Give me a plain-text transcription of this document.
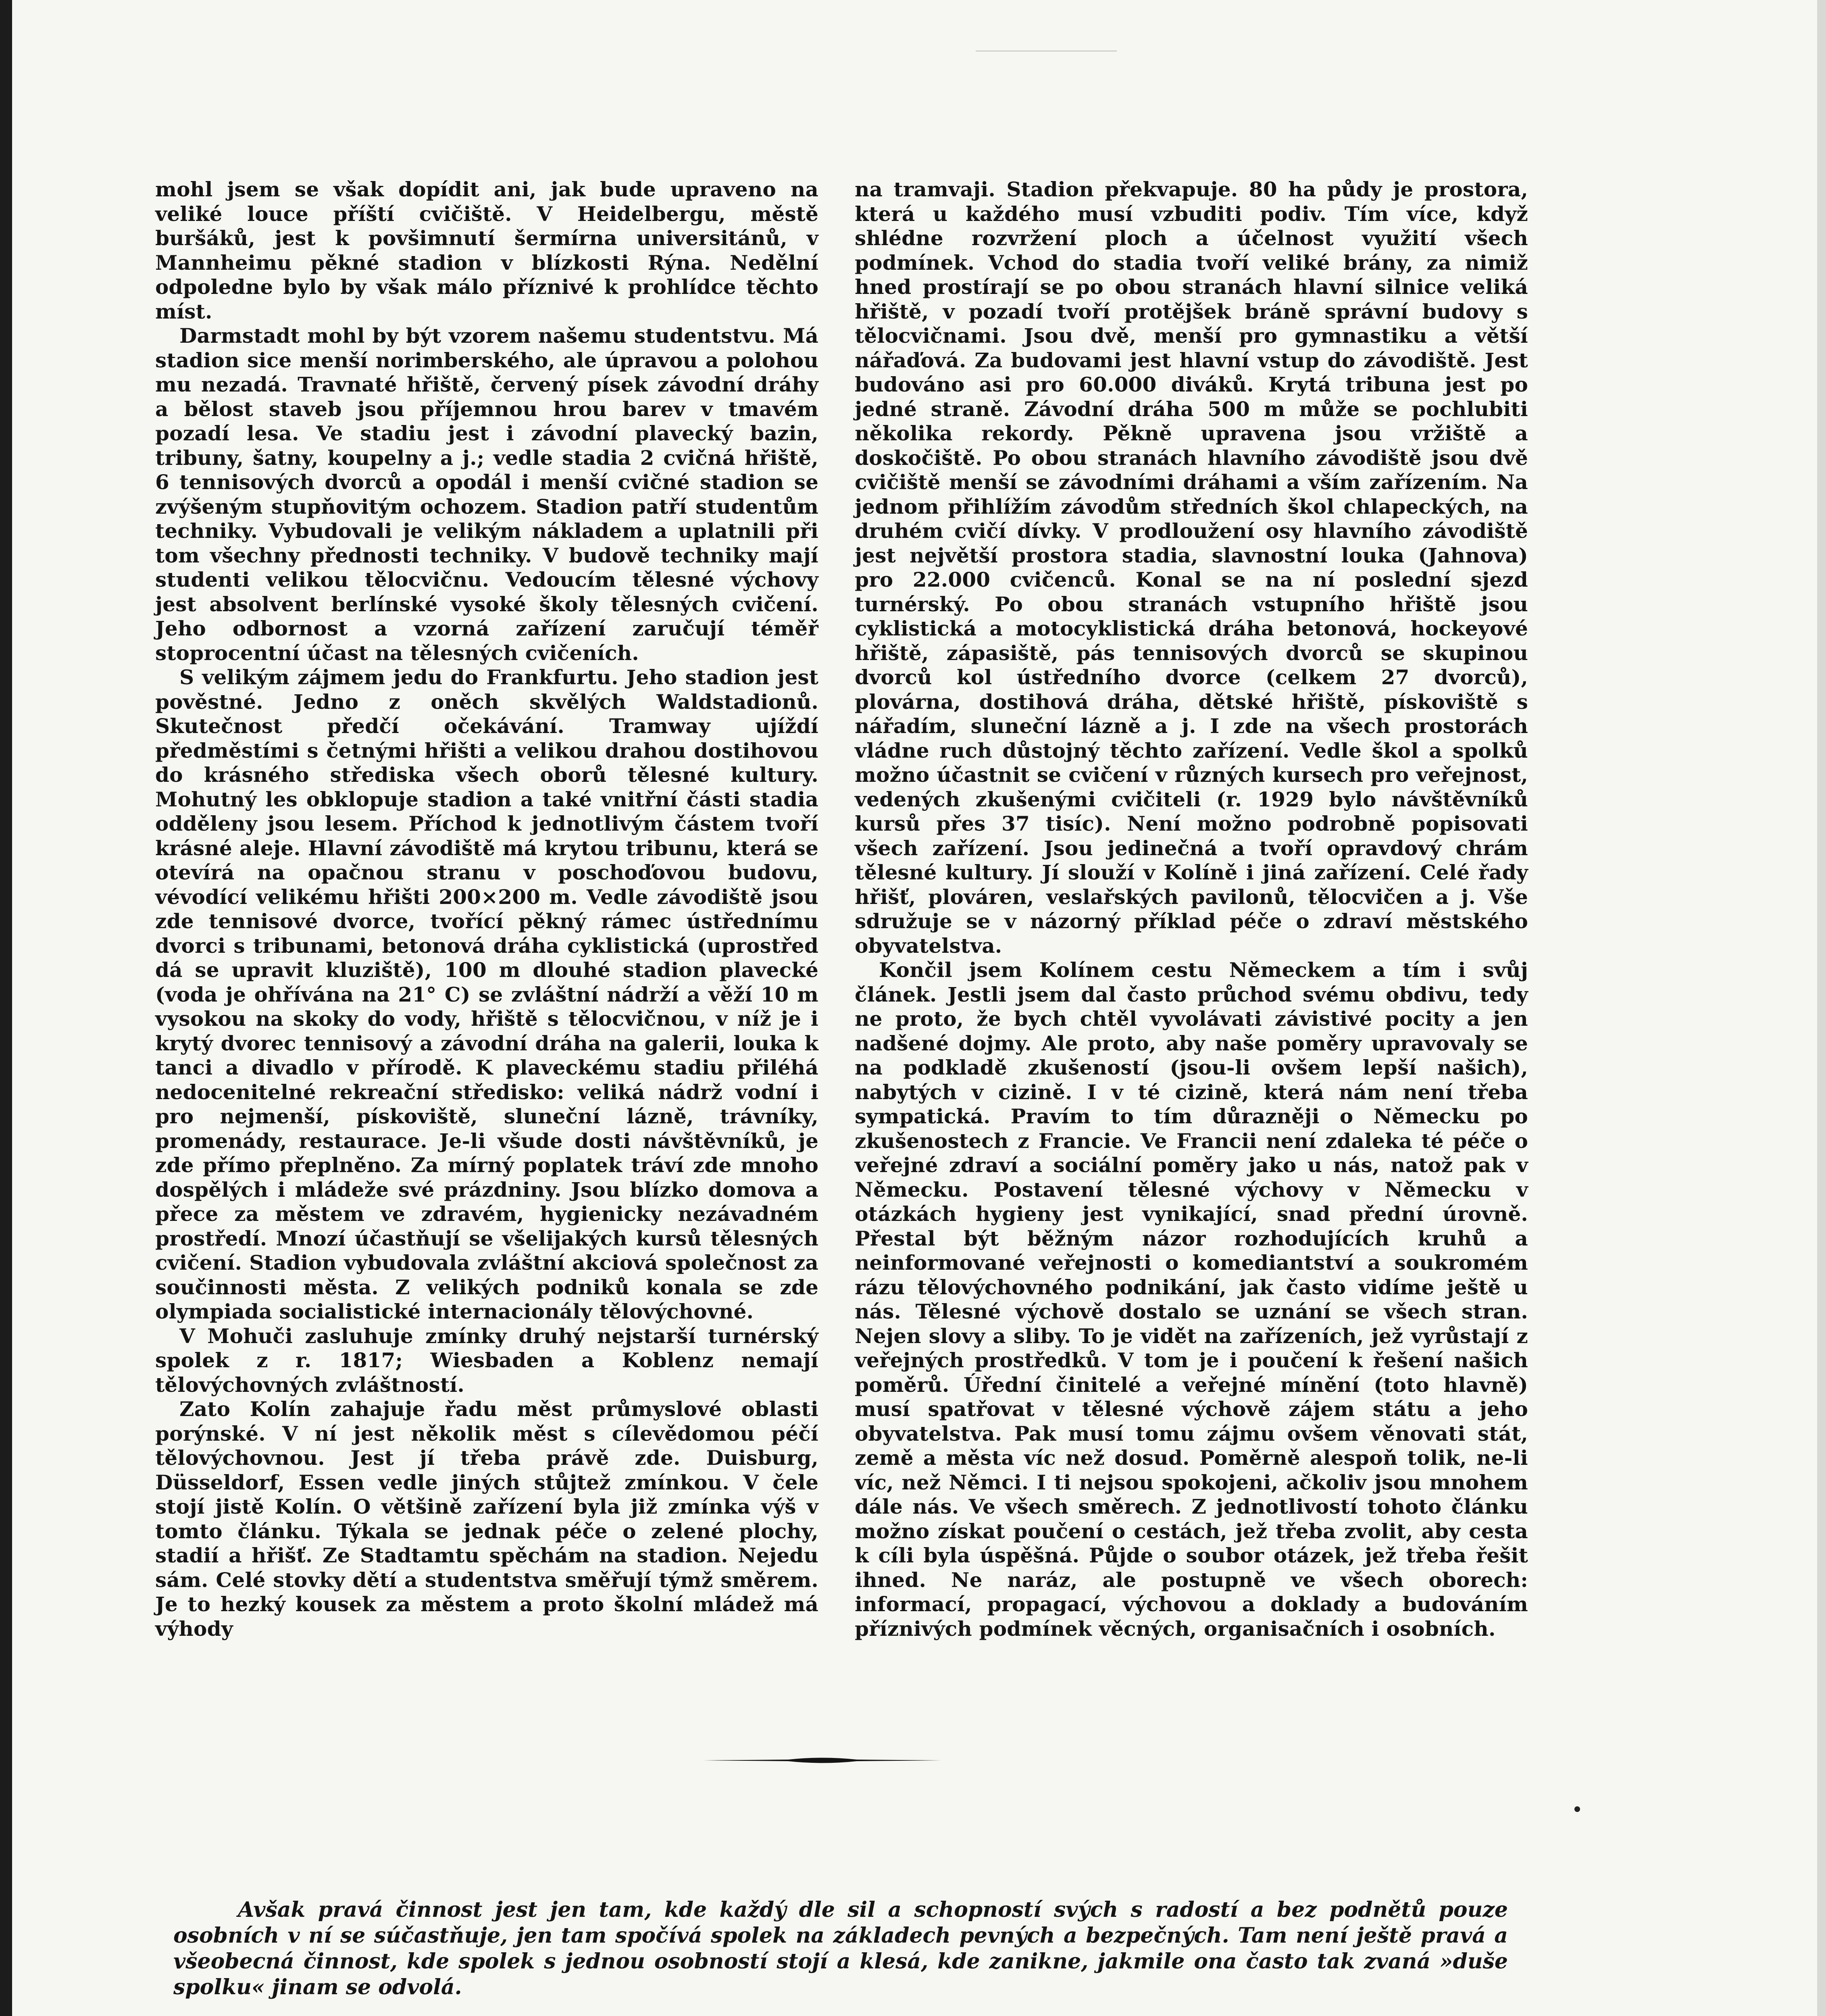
mohl jsem se však dopídit ani, jak bude upraveno na veliké louce příští cvičiště. V Heidelbergu, městě buršáků, jest k povšimnutí šermírna universitánů, v Mannheimu pěkné stadion v blízkosti Rýna. Nedělní odpoledne bylo by však málo příznivé k prohlídce těchto míst.

Darmstadt mohl by být vzorem našemu studentstvu. Má stadion sice menší norimberského, ale úpravou a polohou mu nezadá. Travnaté hřiště, červený písek závodní dráhy a bělost staveb jsou příjemnou hrou barev v tmavém pozadí lesa. Ve stadiu jest i závodní plavecký bazin, tribuny, šatny, koupelny a j.; vedle stadia 2 cvičná hřiště, 6 tennisových dvorců a opodál i menší cvičné stadion se zvýšeným stupňovitým ochozem. Stadion patří studentům techniky. Vybudovali je velikým nákladem a uplatnili při tom všechny přednosti techniky. V budově techniky mají studenti velikou tělocvičnu. Vedoucím tělesné výchovy jest absolvent berlínské vysoké školy tělesných cvičení. Jeho odbornost a vzorná zařízení zaručují téměř stoprocentní účast na tělesných cvičeních.

S velikým zájmem jedu do Frankfurtu. Jeho stadion jest pověstné. Jedno z oněch skvělých Waldstadionů. Skutečnost předčí očekávání. Tramway ujíždí předměstími s četnými hřišti a velikou drahou dostihovou do krásného střediska všech oborů tělesné kultury. Mohutný les obklopuje stadion a také vnitřní části stadia odděleny jsou lesem. Příchod k jednotlivým částem tvoří krásné aleje. Hlavní závodiště má krytou tribunu, která se otevírá na opačnou stranu v poschoďovou budovu, vévodící velikému hřišti 200×200 m. Vedle závodiště jsou zde tennisové dvorce, tvořící pěkný rámec ústřednímu dvorci s tribunami, betonová dráha cyklistická (uprostřed dá se upravit kluziště), 100 m dlouhé stadion plavecké (voda je ohřívána na 21° C) se zvláštní nádrží a věží 10 m vysokou na skoky do vody, hřiště s tělocvičnou, v níž je i krytý dvorec tennisový a závodní dráha na galerii, louka k tanci a divadlo v přírodě. K plaveckému stadiu přiléhá nedocenitelné rekreační středisko: veliká nádrž vodní i pro nejmenší, pískoviště, sluneční lázně, trávníky, promenády, restaurace. Je-li všude dosti návštěvníků, je zde přímo přeplněno. Za mírný poplatek tráví zde mnoho dospělých i mládeže své prázdniny. Jsou blízko domova a přece za městem ve zdravém, hygienicky nezávadném prostředí. Mnozí účastňují se všelijakých kursů tělesných cvičení. Stadion vybudovala zvláštní akciová společnost za součinnosti města. Z velikých podniků konala se zde olympiada socialistické internacionály tělovýchovné.

V Mohuči zasluhuje zmínky druhý nejstarší turnérský spolek z r. 1817; Wiesbaden a Koblenz nemají tělovýchovných zvláštností.

Zato Kolín zahajuje řadu měst průmyslové oblasti porýnské. V ní jest několik měst s cílevědomou péčí tělovýchovnou. Jest jí třeba právě zde. Duisburg, Düsseldorf, Essen vedle jiných stůjtež zmínkou. V čele stojí jistě Kolín. O většině zařízení byla již zmínka výš v tomto článku. Týkala se jednak péče o zelené plochy, stadií a hřišť. Ze Stadtamtu spěchám na stadion. Nejedu sám. Celé stovky dětí a studentstva směřují týmž směrem. Je to hezký kousek za městem a proto školní mládež má výhody

na tramvaji. Stadion překvapuje. 80 ha půdy je prostora, která u každého musí vzbuditi podiv. Tím více, když shlédne rozvržení ploch a účelnost využití všech podmínek. Vchod do stadia tvoří veliké brány, za nimiž hned prostírají se po obou stranách hlavní silnice veliká hřiště, v pozadí tvoří protějšek bráně správní budovy s tělocvičnami. Jsou dvě, menší pro gymnastiku a větší nářaďová. Za budovami jest hlavní vstup do závodiště. Jest budováno asi pro 60.000 diváků. Krytá tribuna jest po jedné straně. Závodní dráha 500 m může se pochlubiti několika rekordy. Pěkně upravena jsou vržiště a doskočiště. Po obou stranách hlavního závodiště jsou dvě cvičiště menší se závodními dráhami a vším zařízením. Na jednom přihlížím závodům středních škol chlapeckých, na druhém cvičí dívky. V prodloužení osy hlavního závodiště jest největší prostora stadia, slavnostní louka (Jahnova) pro 22.000 cvičenců. Konal se na ní poslední sjezd turnérský. Po obou stranách vstupního hřiště jsou cyklistická a motocyklistická dráha betonová, hockeyové hřiště, zápasiště, pás tennisových dvorců se skupinou dvorců kol ústředního dvorce (celkem 27 dvorců), plovárna, dostihová dráha, dětské hřiště, pískoviště s nářadím, sluneční lázně a j. I zde na všech prostorách vládne ruch důstojný těchto zařízení. Vedle škol a spolků možno účastnit se cvičení v různých kursech pro veřejnost, vedených zkušenými cvičiteli (r. 1929 bylo návštěvníků kursů přes 37 tisíc). Není možno podrobně popisovati všech zařízení. Jsou jedinečná a tvoří opravdový chrám tělesné kultury. Jí slouží v Kolíně i jiná zařízení. Celé řady hřišť, plováren, veslařských pavilonů, tělocvičen a j. Vše sdružuje se v názorný příklad péče o zdraví městského obyvatelstva.

Končil jsem Kolínem cestu Německem a tím i svůj článek. Jestli jsem dal často průchod svému obdivu, tedy ne proto, že bych chtěl vyvolávati závistivé pocity a jen nadšené dojmy. Ale proto, aby naše poměry upravovaly se na podkladě zkušeností (jsou-li ovšem lepší našich), nabytých v cizině. I v té cizině, která nám není třeba sympatická. Pravím to tím důrazněji o Německu po zkušenostech z Francie. Ve Francii není zdaleka té péče o veřejné zdraví a sociální poměry jako u nás, natož pak v Německu. Postavení tělesné výchovy v Německu v otázkách hygieny jest vynikající, snad přední úrovně. Přestal být běžným názor rozhodujících kruhů a neinformované veřejnosti o komediantství a soukromém rázu tělovýchovného podnikání, jak často vidíme ještě u nás. Tělesné výchově dostalo se uznání se všech stran. Nejen slovy a sliby. To je vidět na zařízeních, jež vyrůstají z veřejných prostředků. V tom je i poučení k řešení našich poměrů. Úřední činitelé a veřejné mínění (toto hlavně) musí spatřovat v tělesné výchově zájem státu a jeho obyvatelstva. Pak musí tomu zájmu ovšem věnovati stát, země a města víc než dosud. Poměrně alespoň tolik, ne-li víc, než Němci. I ti nejsou spokojeni, ačkoliv jsou mnohem dále nás. Ve všech směrech. Z jednotlivostí tohoto článku možno získat poučení o cestách, jež třeba zvolit, aby cesta k cíli byla úspěšná. Půjde o soubor otázek, jež třeba řešit ihned. Ne naráz, ale postupně ve všech oborech: informací, propagací, výchovou a doklady a budováním příznivých podmínek věcných, organisačních i osobních.

Avšak pravá činnost jest jen tam, kde každý dle sil a schopností svých s radostí a bez podnětů pouze osobních v ní se súčastňuje, jen tam spočívá spolek na základech pevných a bezpečných. Tam není ještě pravá a všeobecná činnost, kde spolek s jednou osobností stojí a klesá, kde zanikne, jakmile ona často tak zvaná »duše spolku« jinam se odvolá.
